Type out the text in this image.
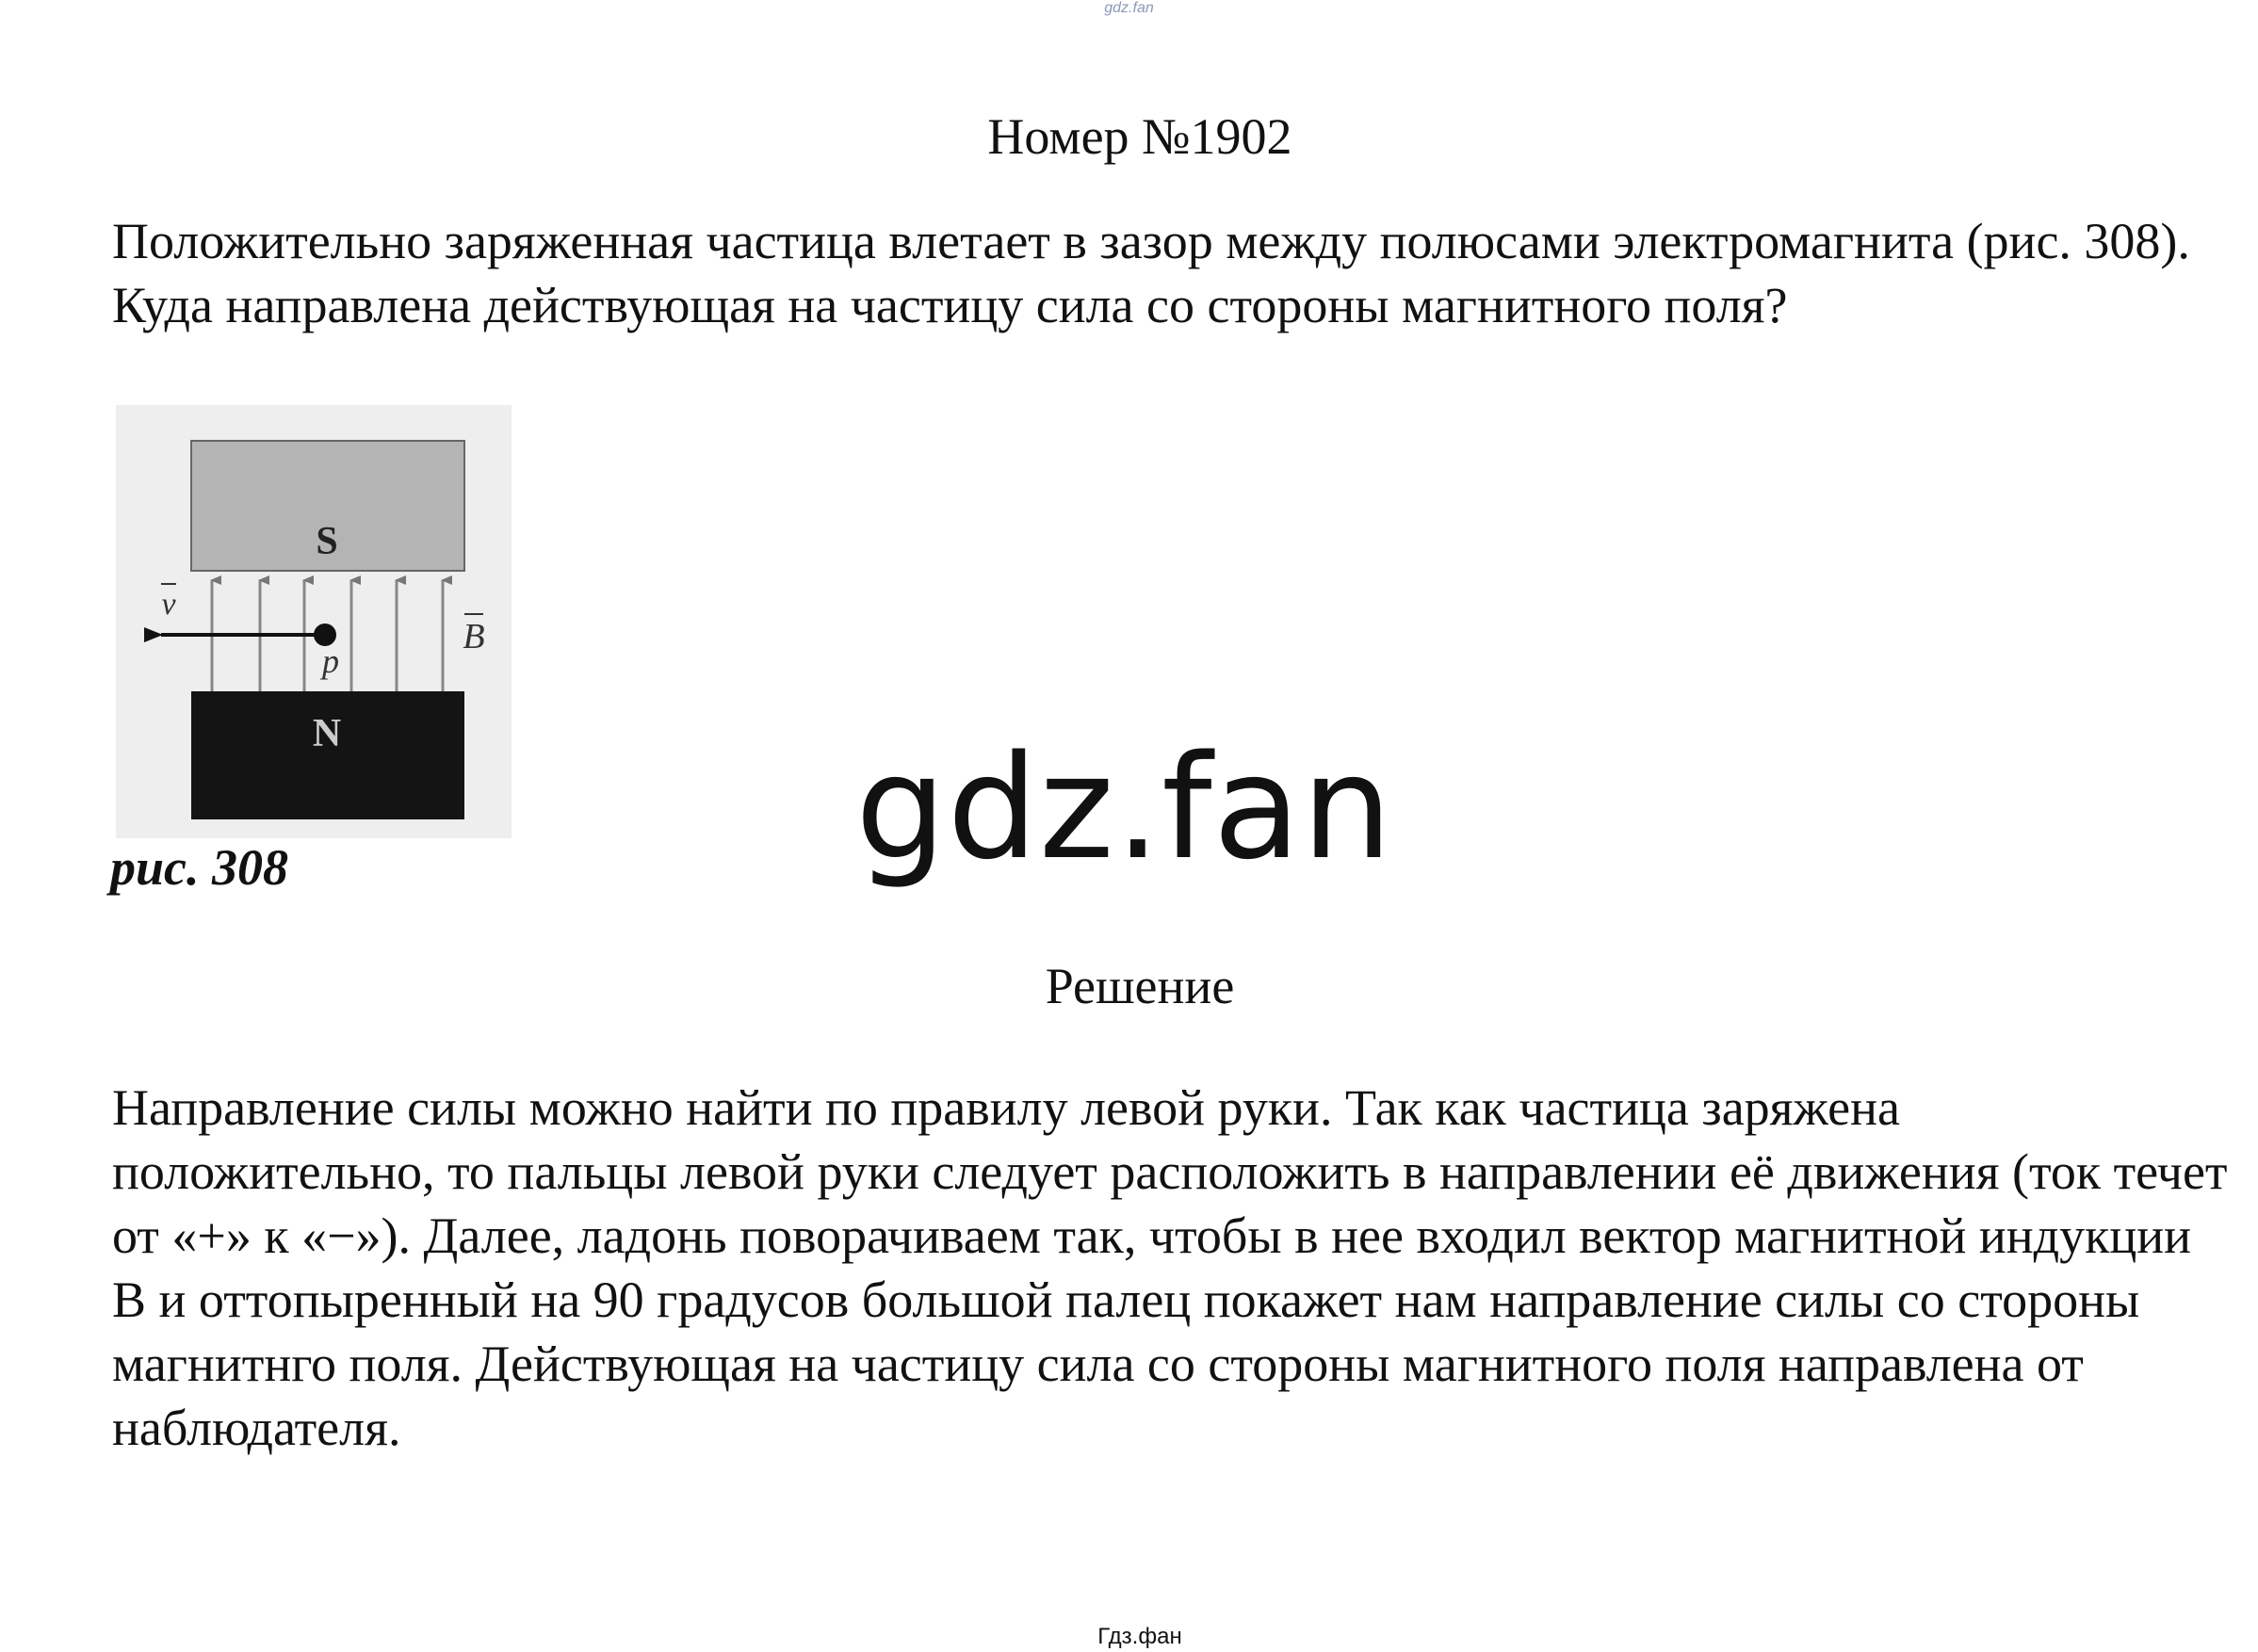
gdz.fan
Номер №1902
Положительно заряженная частица влетает в зазор между полюсами электромагнита (рис. 308). Куда направлена действующая на частицу сила со стороны магнитного поля?
S
N
v
p
B
рис. 308	gdz.fan
Решение
Направление силы можно найти по правилу левой руки. Так как частица заряжена положительно, то пальцы левой руки следует расположить в направлении её движения (ток течет от «+» к «−»). Далее, ладонь поворачиваем так, чтобы в нее входил вектор магнитной индукции B и оттопыренный на 90 градусов большой палец покажет нам направление силы со стороны магнитнго поля. Действующая на частицу сила со стороны магнитного поля направлена от наблюдателя.
Гдз.фан
